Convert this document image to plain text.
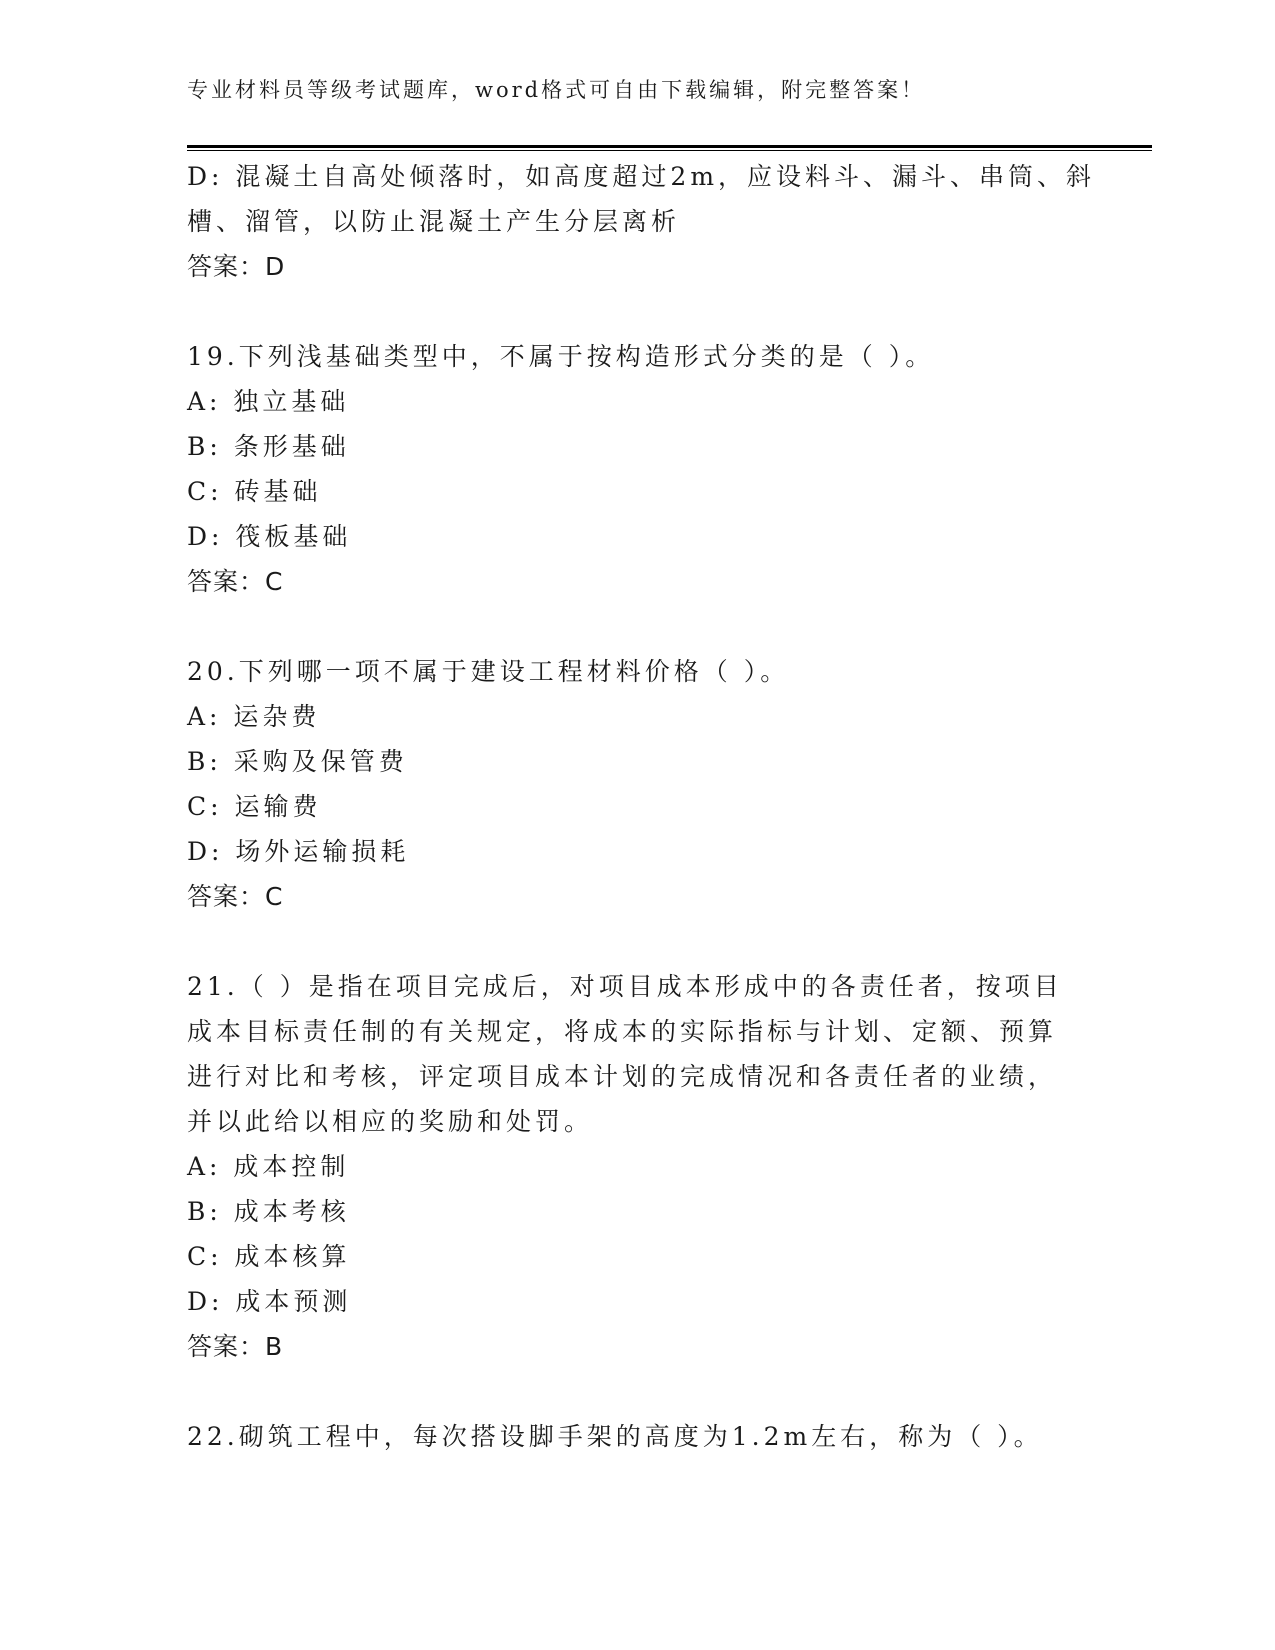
专业材料员等级考试题库，word格式可自由下载编辑，附完整答案！
D: 混凝土自高处倾落时，如高度超过2m，应设料斗、漏斗、串筒、斜
槽、溜管，以防止混凝土产生分层离析
答案：D
19.下列浅基础类型中，不属于按构造形式分类的是（ ）。
A: 独立基础
B: 条形基础
C: 砖基础
D: 筏板基础
答案：C
20.下列哪一项不属于建设工程材料价格（ ）。
A: 运杂费
B: 采购及保管费
C: 运输费
D: 场外运输损耗
答案：C
21.（ ）是指在项目完成后，对项目成本形成中的各责任者，按项目
成本目标责任制的有关规定，将成本的实际指标与计划、定额、预算
进行对比和考核，评定项目成本计划的完成情况和各责任者的业绩，
并以此给以相应的奖励和处罚。
A: 成本控制
B: 成本考核
C: 成本核算
D: 成本预测
答案：B
22.砌筑工程中，每次搭设脚手架的高度为1.2m左右，称为（ ）。
